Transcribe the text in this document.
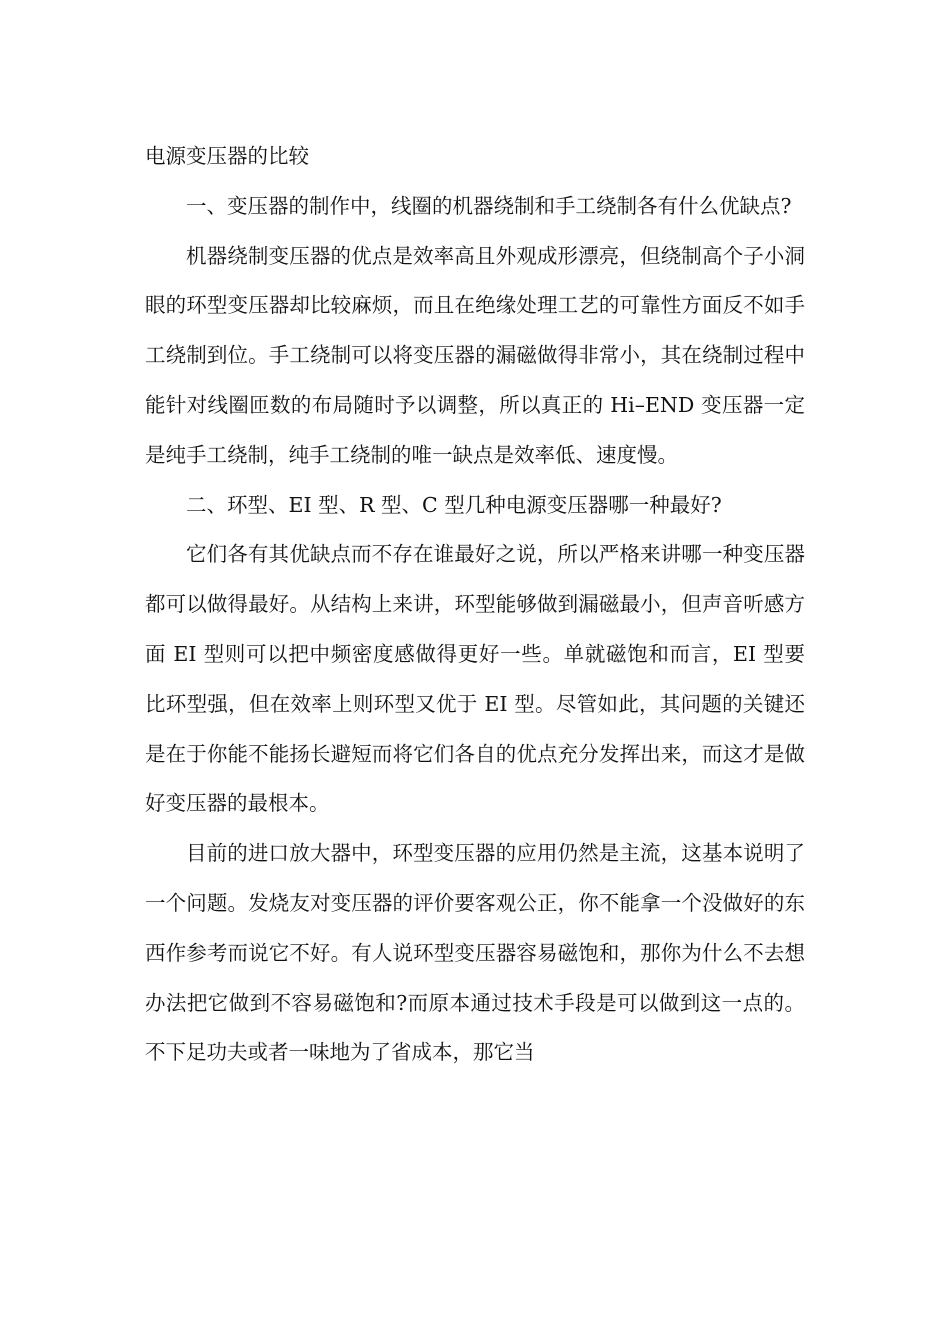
电源变压器的比较

一、变压器的制作中，线圈的机器绕制和手工绕制各有什么优缺点?

机器绕制变压器的优点是效率高且外观成形漂亮，但绕制高个子小洞眼的环型变压器却比较麻烦，而且在绝缘处理工艺的可靠性方面反不如手工绕制到位。手工绕制可以将变压器的漏磁做得非常小，其在绕制过程中能针对线圈匝数的布局随时予以调整，所以真正的 Hi–END 变压器一定是纯手工绕制，纯手工绕制的唯一缺点是效率低、速度慢。

二、环型、EI 型、R 型、C 型几种电源变压器哪一种最好?

它们各有其优缺点而不存在谁最好之说，所以严格来讲哪一种变压器都可以做得最好。从结构上来讲，环型能够做到漏磁最小，但声音听感方面 EI 型则可以把中频密度感做得更好一些。单就磁饱和而言，EI 型要比环型强，但在效率上则环型又优于 EI 型。尽管如此，其问题的关键还是在于你能不能扬长避短而将它们各自的优点充分发挥出来，而这才是做好变压器的最根本。

目前的进口放大器中，环型变压器的应用仍然是主流，这基本说明了一个问题。发烧友对变压器的评价要客观公正，你不能拿一个没做好的东西作参考而说它不好。有人说环型变压器容易磁饱和，那你为什么不去想办法把它做到不容易磁饱和?而原本通过技术手段是可以做到这一点的。不下足功夫或者一味地为了省成本，那它当
